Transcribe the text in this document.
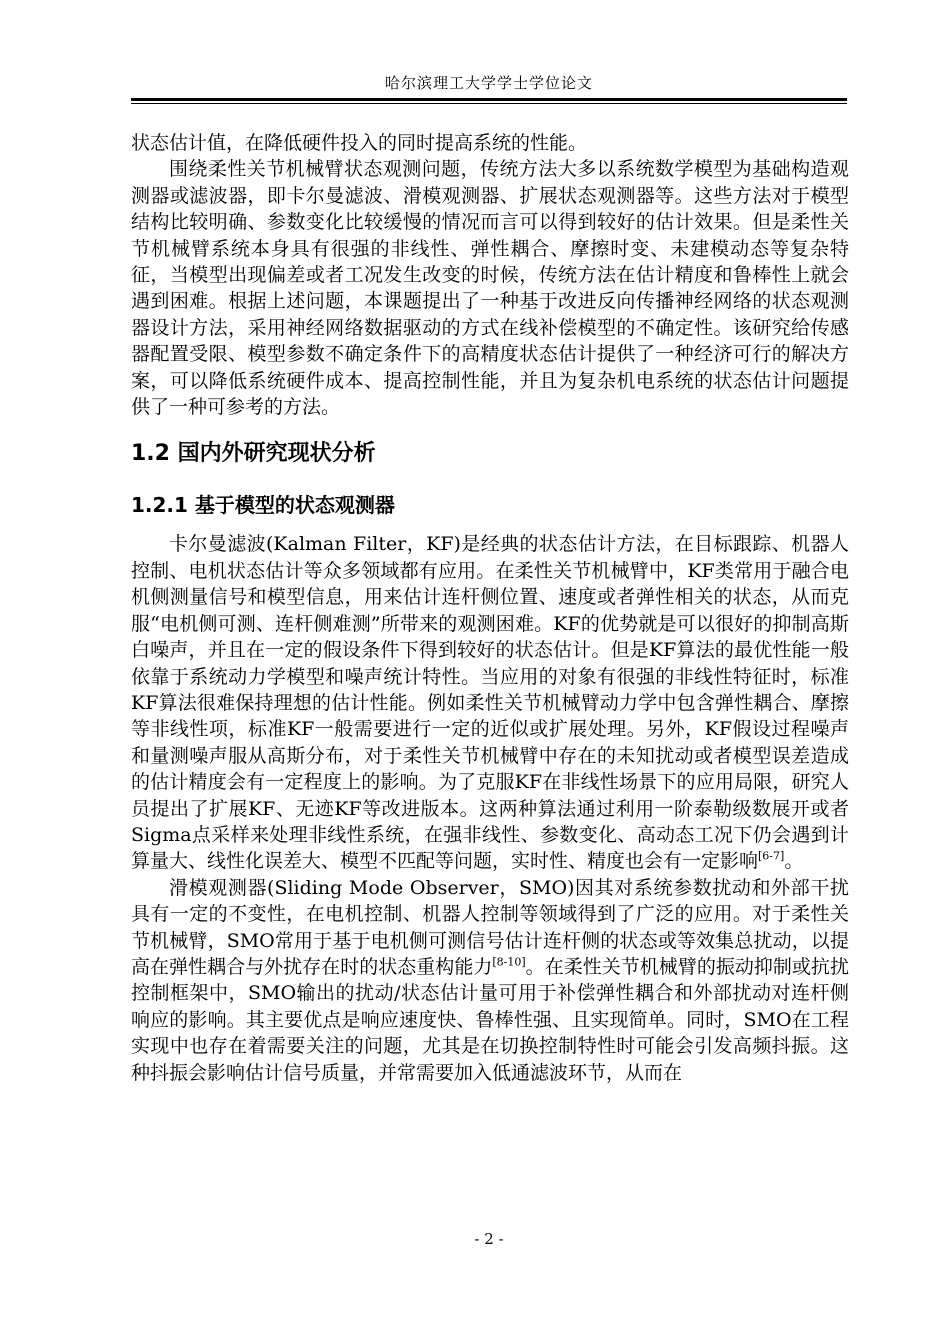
哈尔滨理工大学学士学位论文

状态估计值，在降低硬件投入的同时提高系统的性能。

围绕柔性关节机械臂状态观测问题，传统方法大多以系统数学模型为基础构造观测器或滤波器，即卡尔曼滤波、滑模观测器、扩展状态观测器等。这些方法对于模型结构比较明确、参数变化比较缓慢的情况而言可以得到较好的估计效果。但是柔性关节机械臂系统本身具有很强的非线性、弹性耦合、摩擦时变、未建模动态等复杂特征，当模型出现偏差或者工况发生改变的时候，传统方法在估计精度和鲁棒性上就会遇到困难。根据上述问题，本课题提出了一种基于改进反向传播神经网络的状态观测器设计方法，采用神经网络数据驱动的方式在线补偿模型的不确定性。该研究给传感器配置受限、模型参数不确定条件下的高精度状态估计提供了一种经济可行的解决方案，可以降低系统硬件成本、提高控制性能，并且为复杂机电系统的状态估计问题提供了一种可参考的方法。

1.2 国内外研究现状分析
1.2.1 基于模型的状态观测器

卡尔曼滤波(Kalman Filter，KF)是经典的状态估计方法，在目标跟踪、机器人控制、电机状态估计等众多领域都有应用。在柔性关节机械臂中，KF类常用于融合电机侧测量信号和模型信息，用来估计连杆侧位置、速度或者弹性相关的状态，从而克服“电机侧可测、连杆侧难测”所带来的观测困难。KF的优势就是可以很好的抑制高斯白噪声，并且在一定的假设条件下得到较好的状态估计。但是KF算法的最优性能一般依靠于系统动力学模型和噪声统计特性。当应用的对象有很强的非线性特征时，标准KF算法很难保持理想的估计性能。例如柔性关节机械臂动力学中包含弹性耦合、摩擦等非线性项，标准KF一般需要进行一定的近似或扩展处理。另外，KF假设过程噪声和量测噪声服从高斯分布，对于柔性关节机械臂中存在的未知扰动或者模型误差造成的估计精度会有一定程度上的影响。为了克服KF在非线性场景下的应用局限，研究人员提出了扩展KF、无迹KF等改进版本。这两种算法通过利用一阶泰勒级数展开或者Sigma点采样来处理非线性系统，在强非线性、参数变化、高动态工况下仍会遇到计算量大、线性化误差大、模型不匹配等问题，实时性、精度也会有一定影响[6-7]。

滑模观测器(Sliding Mode Observer，SMO)因其对系统参数扰动和外部干扰具有一定的不变性，在电机控制、机器人控制等领域得到了广泛的应用。对于柔性关节机械臂，SMO常用于基于电机侧可测信号估计连杆侧的状态或等效集总扰动，以提高在弹性耦合与外扰存在时的状态重构能力[8-10]。在柔性关节机械臂的振动抑制或抗扰控制框架中，SMO输出的扰动/状态估计量可用于补偿弹性耦合和外部扰动对连杆侧响应的影响。其主要优点是响应速度快、鲁棒性强、且实现简单。同时，SMO在工程实现中也存在着需要关注的问题，尤其是在切换控制特性时可能会引发高频抖振。这种抖振会影响估计信号质量，并常需要加入低通滤波环节，从而在

- 2 -
